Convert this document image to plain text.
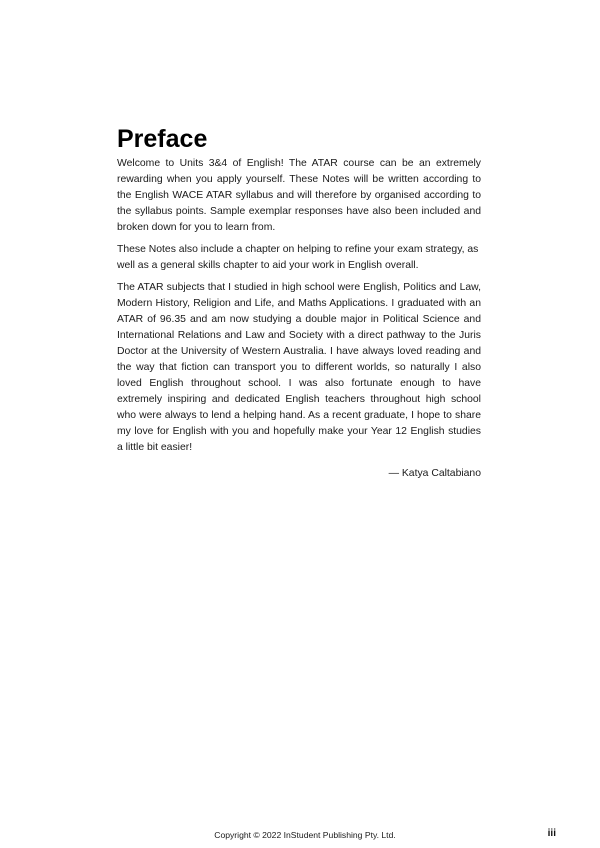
Preface

Welcome to Units 3&4 of English! The ATAR course can be an extremely rewarding when you apply yourself. These Notes will be written according to the English WACE ATAR syllabus and will therefore by organised according to the syllabus points. Sample exemplar responses have also been included and broken down for you to learn from.

These Notes also include a chapter on helping to refine your exam strategy, as well as a general skills chapter to aid your work in English overall.

The ATAR subjects that I studied in high school were English, Politics and Law, Modern History, Religion and Life, and Maths Applications. I graduated with an ATAR of 96.35 and am now studying a double major in Political Science and International Relations and Law and Society with a direct pathway to the Juris Doctor at the University of Western Australia. I have always loved reading and the way that fiction can transport you to different worlds, so naturally I also loved English throughout school. I was also fortunate enough to have extremely inspiring and dedicated English teachers throughout high school who were always to lend a helping hand. As a recent graduate, I hope to share my love for English with you and hopefully make your Year 12 English studies a little bit easier!

— Katya Caltabiano
Copyright © 2022 InStudent Publishing Pty. Ltd.	iii
